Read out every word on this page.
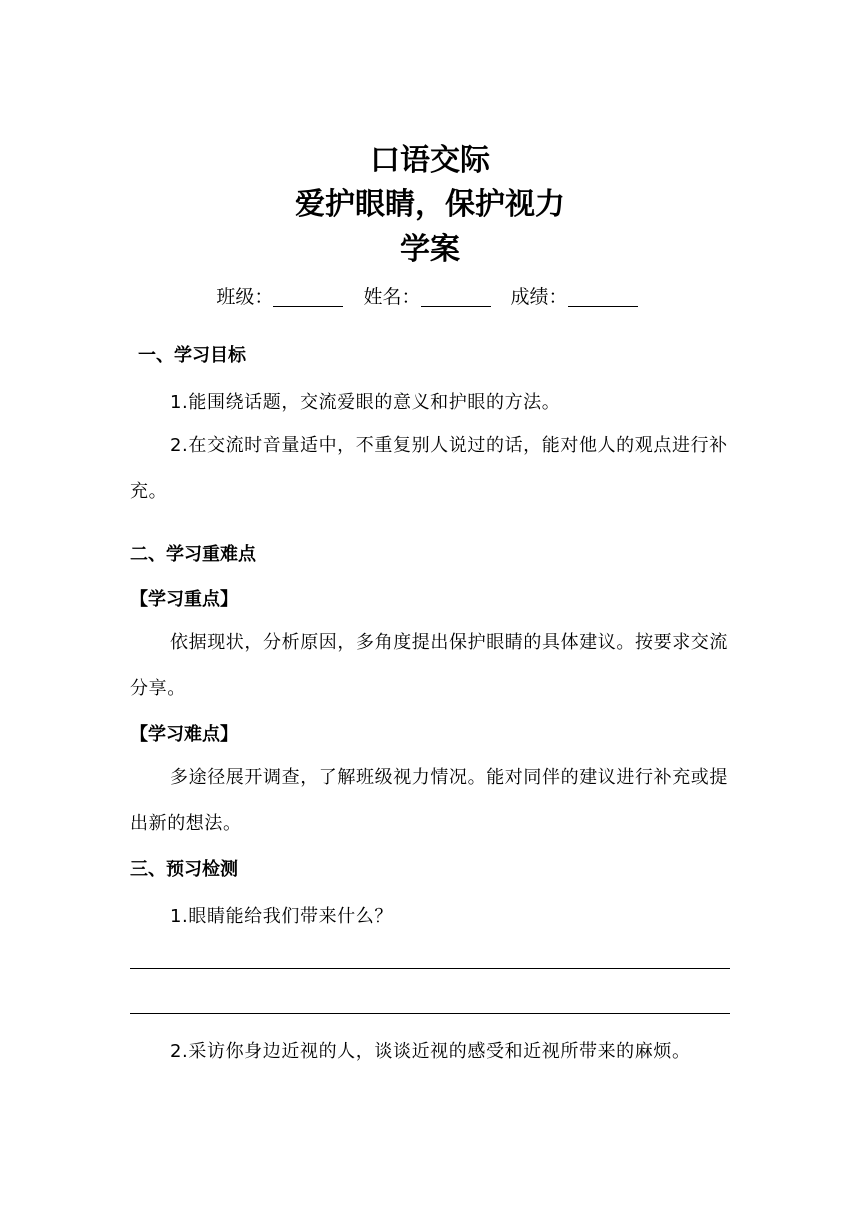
口语交际
爱护眼睛，保护视力
学案
班级：	姓名：	成绩：
一、学习目标
1.能围绕话题，交流爱眼的意义和护眼的方法。
2.在交流时音量适中，不重复别人说过的话，能对他人的观点进行补充。
二、学习重难点
【学习重点】
依据现状，分析原因，多角度提出保护眼睛的具体建议。按要求交流分享。
【学习难点】
多途径展开调查，了解班级视力情况。能对同伴的建议进行补充或提出新的想法。
三、预习检测
1.眼睛能给我们带来什么？
2.采访你身边近视的人，谈谈近视的感受和近视所带来的麻烦。
